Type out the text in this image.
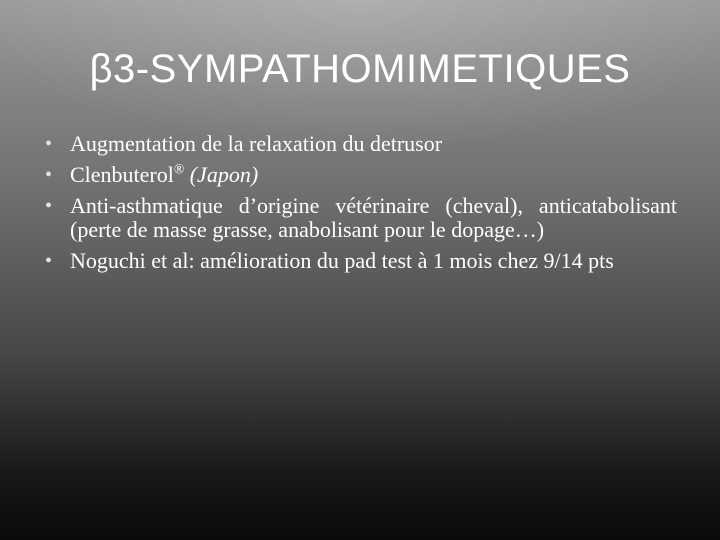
β3-SYMPATHOMIMETIQUES
• Augmentation de la relaxation du detrusor
• Clenbuterol® (Japon)
• Anti-asthmatique d’origine vétérinaire (cheval), anticatabolisant (perte de masse grasse, anabolisant pour le dopage…)
• Noguchi et al: amélioration du pad test à 1 mois chez 9/14 pts
